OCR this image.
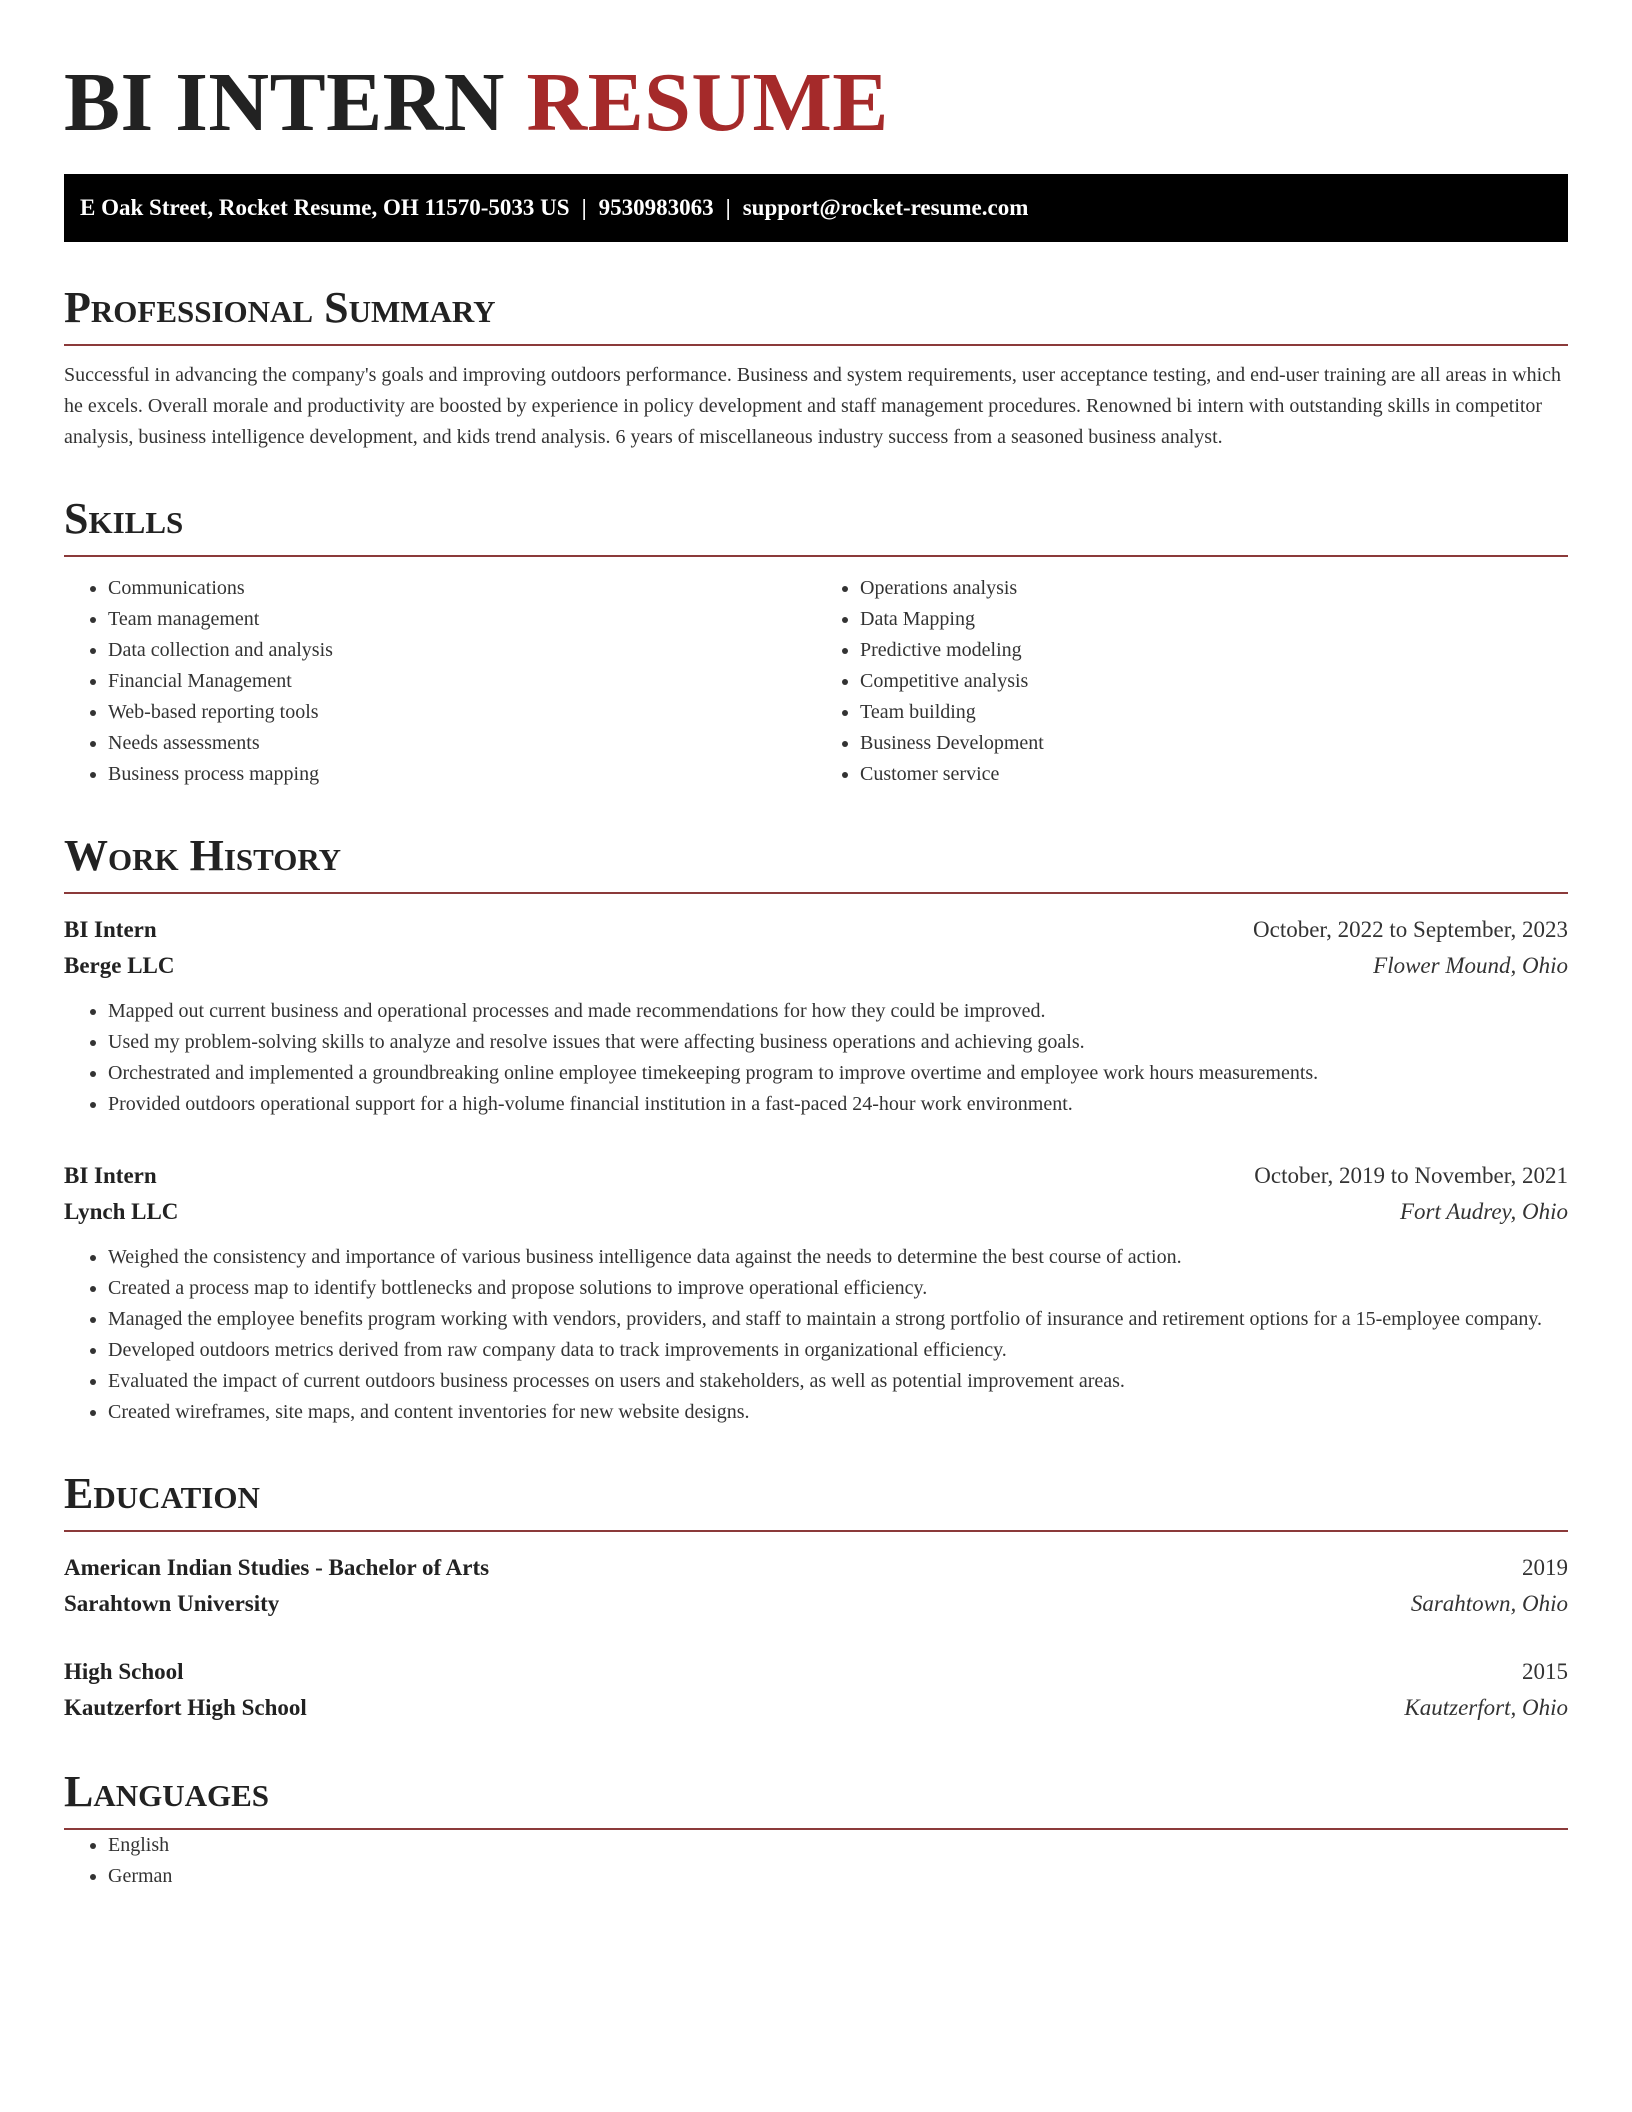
BI INTERN RESUME
E Oak Street, Rocket Resume, OH 11570-5033 US | 9530983063 | support@rocket-resume.com
Professional Summary

Successful in advancing the company's goals and improving outdoors performance. Business and system requirements, user acceptance testing, and end-user training are all areas in which he excels. Overall morale and productivity are boosted by experience in policy development and staff management procedures. Renowned bi intern with outstanding skills in competitor analysis, business intelligence development, and kids trend analysis. 6 years of miscellaneous industry success from a seasoned business analyst.

Skills
• Communications
• Team management
• Data collection and analysis
• Financial Management
• Web-based reporting tools
• Needs assessments
• Business process mapping
• Operations analysis
• Data Mapping
• Predictive modeling
• Competitive analysis
• Team building
• Business Development
• Customer service
Work History
BI Intern	October, 2022 to September, 2023
Berge LLC	Flower Mound, Ohio
• Mapped out current business and operational processes and made recommendations for how they could be improved.
• Used my problem-solving skills to analyze and resolve issues that were affecting business operations and achieving goals.
• Orchestrated and implemented a groundbreaking online employee timekeeping program to improve overtime and employee work hours measurements.
• Provided outdoors operational support for a high-volume financial institution in a fast-paced 24-hour work environment.
BI Intern	October, 2019 to November, 2021
Lynch LLC	Fort Audrey, Ohio
• Weighed the consistency and importance of various business intelligence data against the needs to determine the best course of action.
• Created a process map to identify bottlenecks and propose solutions to improve operational efficiency.
• Managed the employee benefits program working with vendors, providers, and staff to maintain a strong portfolio of insurance and retirement options for a 15-employee company.
• Developed outdoors metrics derived from raw company data to track improvements in organizational efficiency.
• Evaluated the impact of current outdoors business processes on users and stakeholders, as well as potential improvement areas.
• Created wireframes, site maps, and content inventories for new website designs.
Education
American Indian Studies - Bachelor of Arts	2019
Sarahtown University	Sarahtown, Ohio
High School	2015
Kautzerfort High School	Kautzerfort, Ohio
Languages
• English
• German
